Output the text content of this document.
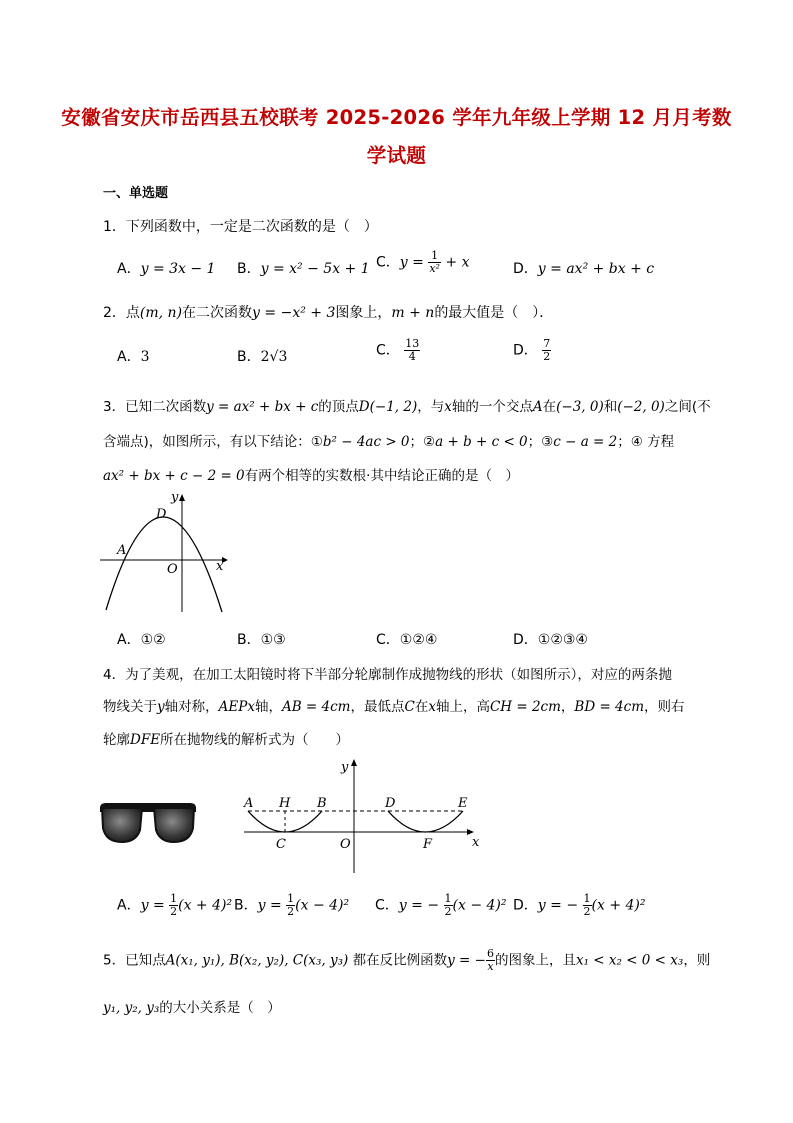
安徽省安庆市岳西县五校联考 2025-2026 学年九年级上学期 12 月月考数
学试题
一、单选题
1．下列函数中，一定是二次函数的是（　）
A．y = 3x − 1 B．y = x² − 5x + 1 C．$y = \frac{1}{\text{x²}} + x$	D．y = ax² + bx + c
2．点(m, n)在二次函数y = −x² + 3图象上，m + n的最大值是（　）．
A．3	B．2√3	C． $\frac{13}{4}$	D． $\frac{7}{2}$
3．已知二次函数y = ax² + bx + c的顶点D(−1, 2)，与x轴的一个交点A在(−3, 0)和(−2, 0)之间(不
含端点)，如图所示，有以下结论：①b² − 4ac > 0；②a + b + c < 0；③c − a = 2；④ 方程
ax² + bx + c − 2 = 0有两个相等的实数根·其中结论正确的是（　）
y
D
A
O	x
A．①②	B．①③	C．①②④	D．①②③④
4．为了美观，在加工太阳镜时将下半部分轮廓制作成抛物线的形状（如图所示），对应的两条抛
物线关于y轴对称，AEPx轴，AB = 4cm，最低点C在x轴上，高CH = 2cm，BD = 4cm，则右
轮廓DFE所在抛物线的解析式为（　　）
y
A H B	D	E
C	O	F	x
A．$y = \frac{1}{2} (x + 4)^2$ B．$y = \frac{1}{2} (x - 4)^2$ C．y = − $\frac{1}{2} (x - 4)^2$ D．y = − $\frac{1}{2} (x + 4)^2$
5．已知点A(x₁, y₁), B(x₂, y₂), C(x₃, y₃) 都在反比例函数y = − $\frac{6}{x}$ 的图象上，且x₁ < x₂ < 0 < x₃，则
y₁, y₂, y₃的大小关系是（　）
